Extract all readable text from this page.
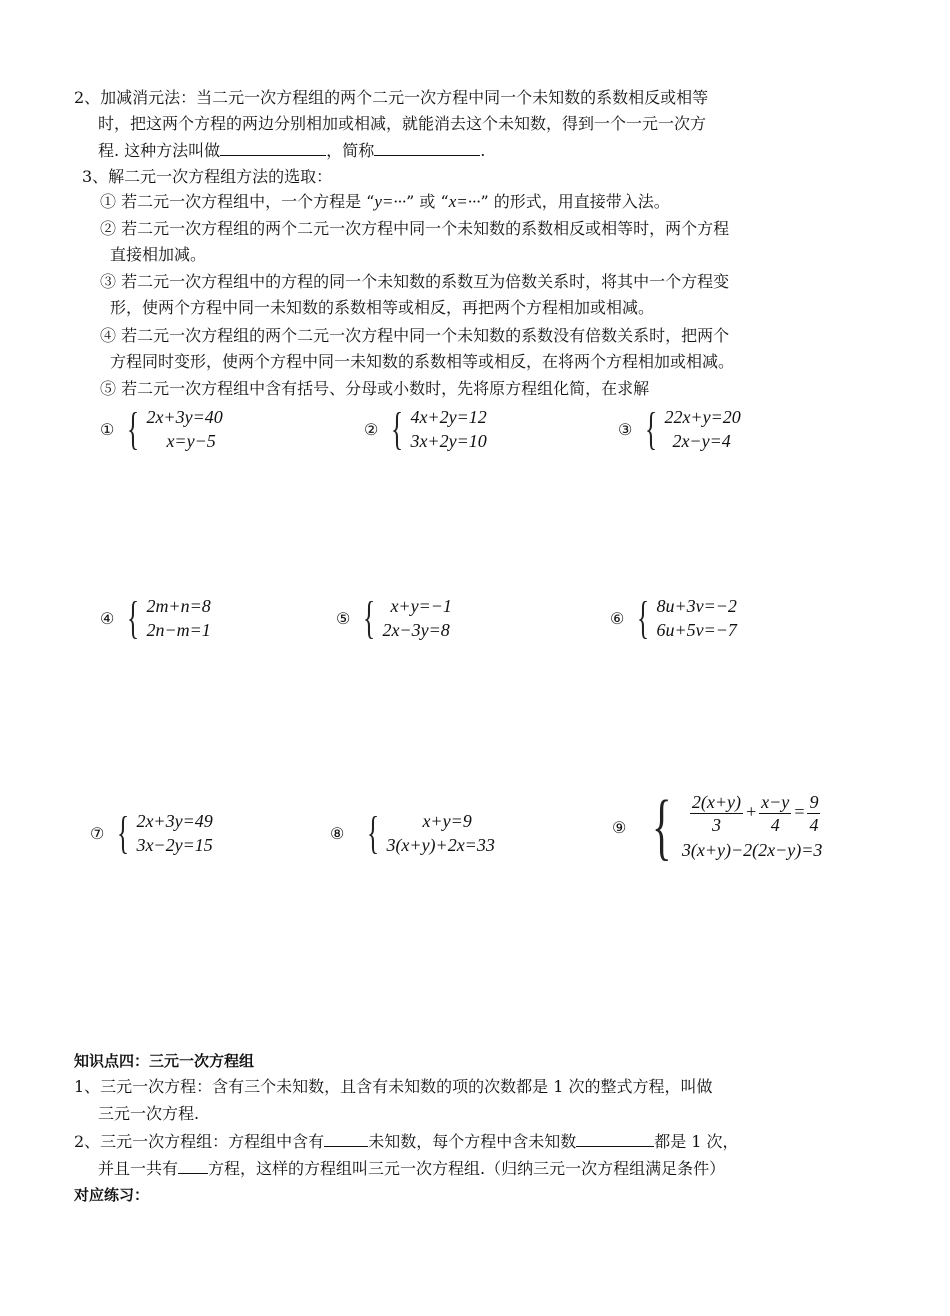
2、加减消元法：当二元一次方程组的两个二元一次方程中同一个未知数的系数相反或相等
时，把这两个方程的两边分别相加或相减，就能消去这个未知数，得到一个一元一次方
程. 这种方法叫做	，简称	.
3、解二元一次方程组方法的选取：
① 若二元一次方程组中，一个方程是 “y=···” 或 “x=···” 的形式，用直接带入法。
② 若二元一次方程组的两个二元一次方程中同一个未知数的系数相反或相等时，两个方程
直接相加减。
③ 若二元一次方程组中的方程的同一个未知数的系数互为倍数关系时，将其中一个方程变
形，使两个方程中同一未知数的系数相等或相反，再把两个方程相加或相减。
④ 若二元一次方程组的两个二元一次方程中同一个未知数的系数没有倍数关系时，把两个
方程同时变形，使两个方程中同一未知数的系数相等或相反，在将两个方程相加或相减。
⑤ 若二元一次方程组中含有括号、分母或小数时，先将原方程组化简，在求解
① { 2x+3y=40
x=y−5
② { 4x+2y=12
3x+2y=10
③ { 22x+y=20
2x−y=4
④ { 2m+n=8
2n−m=1
⑤ { x+y=−1
2x−3y=8
⑥ { 8u+3v=−2
6u+5v=−7
⑦ { 2x+3y=49
3x−2y=15
⑧ {	x+y=9
3(x+y)+2x=33
⑨ { $\frac{2(x+y)}{3} + \frac{x-y}{4} = \frac{9}{4}$
3(x+y)−2(2x−y)=3
知识点四：三元一次方程组
1、三元一次方程：含有三个未知数，且含有未知数的项的次数都是 1 次的整式方程，叫做
三元一次方程.
2、三元一次方程组：方程组中含有	未知数，每个方程中含未知数	都是 1 次，
并且一共有 方程，这样的方程组叫三元一次方程组.（归纳三元一次方程组满足条件）
对应练习：
